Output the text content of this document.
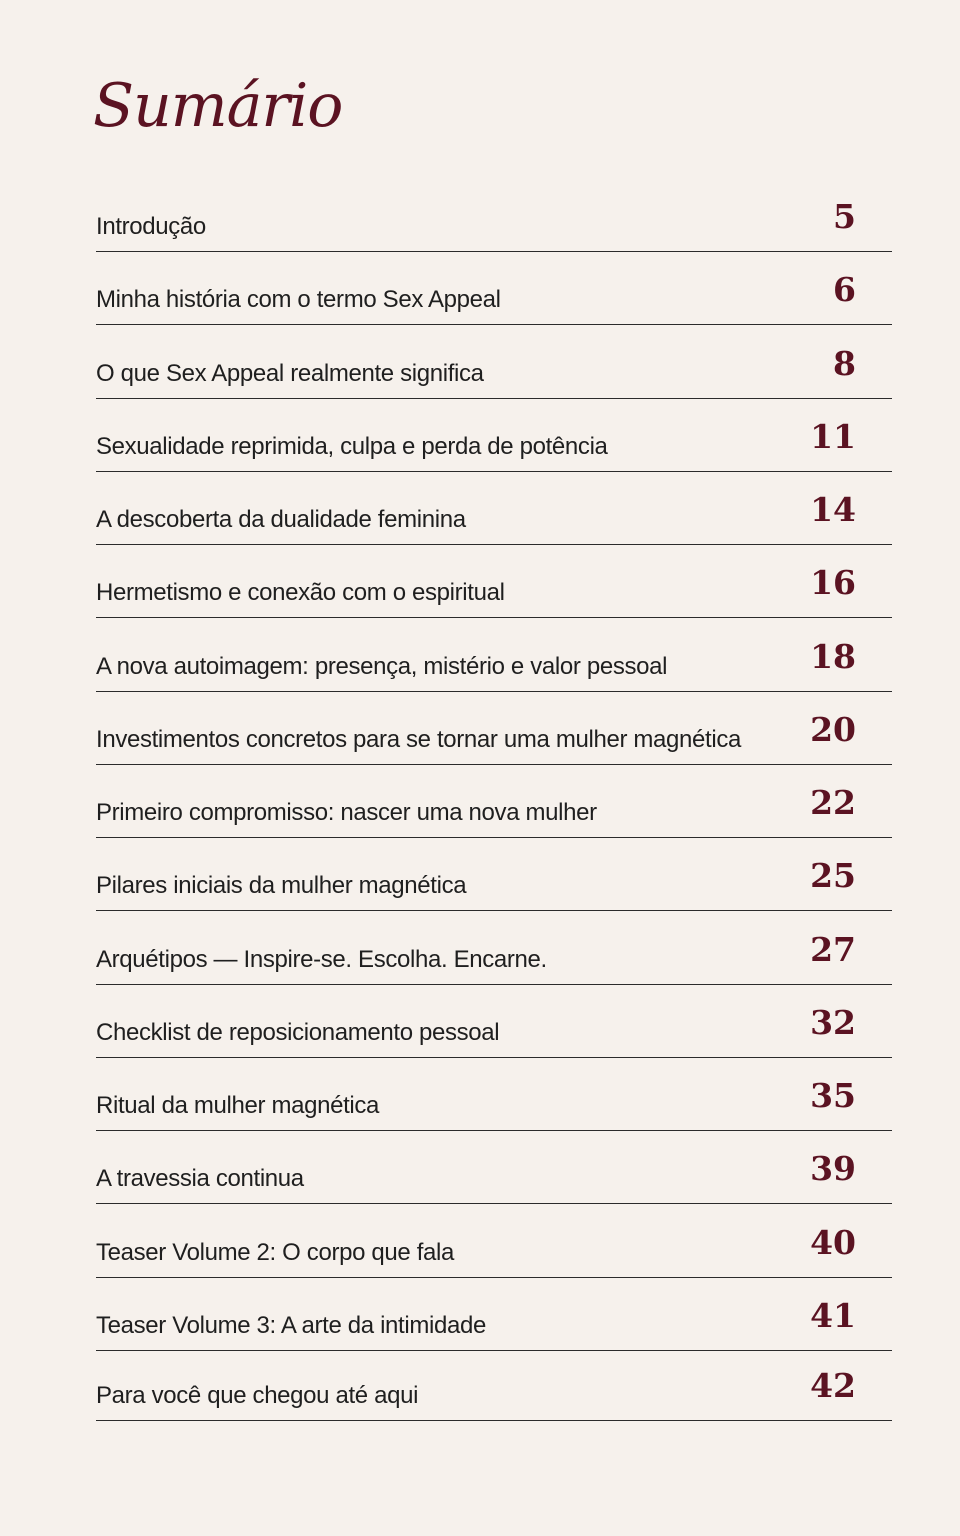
Sumário
Introdução	5
Minha história com o termo Sex Appeal	6
O que Sex Appeal realmente significa	8
Sexualidade reprimida, culpa e perda de potência	11
A descoberta da dualidade feminina	14
Hermetismo e conexão com o espiritual	16
A nova autoimagem: presença, mistério e valor pessoal	18
Investimentos concretos para se tornar uma mulher magnética 20
Primeiro compromisso: nascer uma nova mulher	22
Pilares iniciais da mulher magnética	25
Arquétipos — Inspire-se. Escolha. Encarne.	27
Checklist de reposicionamento pessoal	32
Ritual da mulher magnética	35
A travessia continua	39
Teaser Volume 2: O corpo que fala	40
Teaser Volume 3: A arte da intimidade	41
Para você que chegou até aqui	42
